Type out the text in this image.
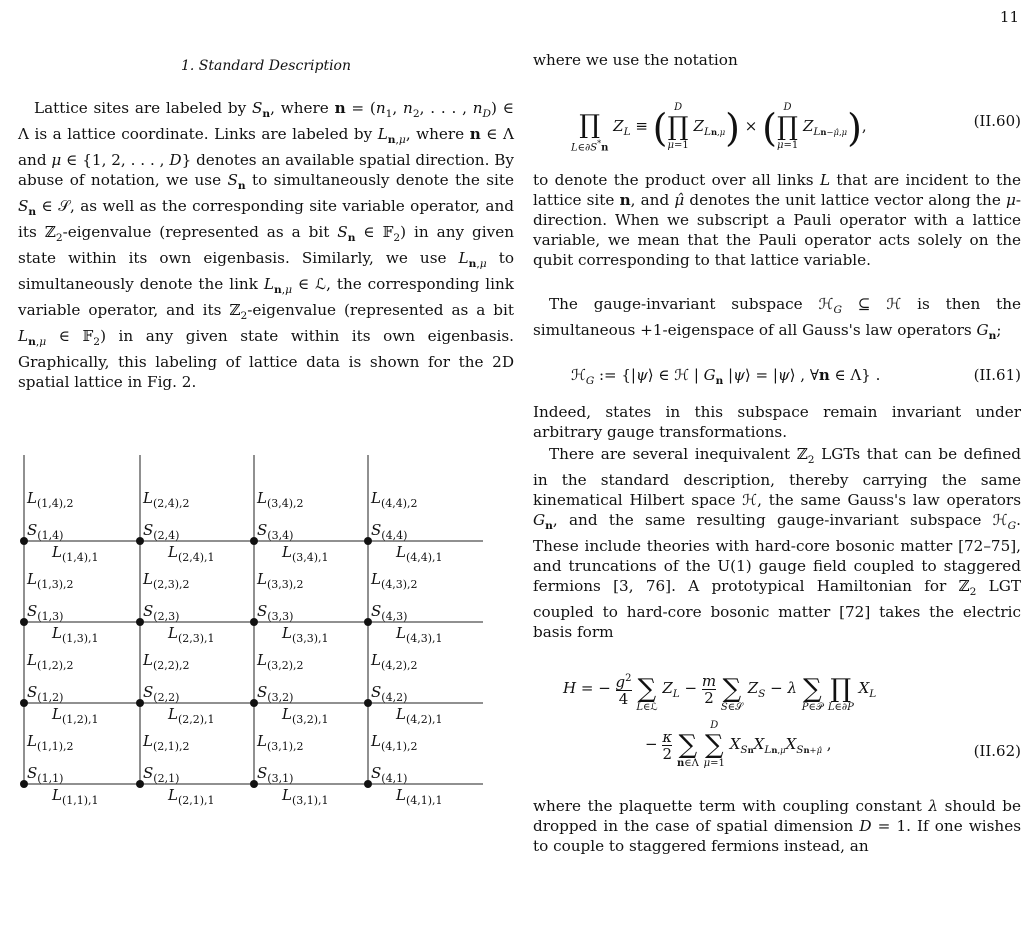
11
1. Standard Description

Lattice sites are labeled by $S_n$, where $n = (n_1$, $n_2$, . . . , $n_D$) ∈ Λ is a lattice coordinate. Links are labeled by $L_{n,\mu}$, where n ∈ Λ and μ ∈ {1, 2, . . . , D} denotes an available spatial direction. By abuse of notation, we use $S_n$ to simultaneously denote the site $S_n$ ∈ 𝒮, as well as the corresponding site variable operator, and its ℤ$_2$-eigenvalue (represented as a bit $S_n$ ∈ 𝔽$_2$) in any given state within its own eigenbasis. Similarly, we use $L_{n,\mu}$ to simultaneously denote the link $L_{n,\mu}$ ∈ ℒ, the corresponding link variable operator, and its ℤ$_2$-eigenvalue (represented as a bit $L_{n,\mu}$ ∈ 𝔽$_2$) in any given state within its own eigenbasis. Graphically, this labeling of lattice data is shown for the 2D spatial lattice in Fig. 2.

$L_{(1,4),2}$
$S_{(1,4)}$
$L_{(1,4),1}$
$L_{(2,4),2}$
$S_{(2,4)}$
$L_{(2,4),1}$
$L_{(3,4),2}$
$S_{(3,4)}$
$L_{(3,4),1}$
$L_{(4,4),2}$
$S_{(4,4)}$
$L_{(4,4),1}$
$L_{(1,3),2}$
$S_{(1,3)}$
$L_{(1,3),1}$
$L_{(2,3),2}$
$S_{(2,3)}$
$L_{(2,3),1}$
$L_{(3,3),2}$
$S_{(3,3)}$
$L_{(3,3),1}$
$L_{(4,3),2}$
$S_{(4,3)}$
$L_{(4,3),1}$
$L_{(1,2),2}$
$S_{(1,2)}$
$L_{(1,2),1}$
$L_{(2,2),2}$
$S_{(2,2)}$
$L_{(2,2),1}$
$L_{(3,2),2}$
$S_{(3,2)}$
$L_{(3,2),1}$
$L_{(4,2),2}$
$S_{(4,2)}$
$L_{(4,2),1}$
$L_{(1,1),2}$
$S_{(1,1)}$
$L_{(1,1),1}$
$L_{(2,1),2}$
$S_{(2,1)}$
$L_{(2,1),1}$
$L_{(3,1),2}$
$S_{(3,1)}$
$L_{(3,1),1}$
$L_{(4,1),2}$
$S_{(4,1)}$
$L_{(4,1),1}$

where we use the notation

∏
L∈∂S*n
$Z_L$ ≡ ( D
∏
μ=1
$Z_{Ln,\mu}$) × ( D
∏
μ=1
$Z_{Ln-\mû,\mu}$),	(II.60)

to denote the product over all links L that are incident to the lattice site n, and μ̂ denotes the unit lattice vector along the μ-direction. When we subscript a Pauli operator with a lattice variable, we mean that the Pauli operator acts solely on the qubit corresponding to that lattice variable.

The gauge-invariant subspace ℋ$_G$ ⊆ ℋ is then the simultaneous +1-eigenspace of all Gauss's law operators $G_n$;

ℋ$_G$ := {|ψ⟩ ∈ ℋ | $G_n$ |ψ⟩ = |ψ⟩ , ∀n ∈ Λ} .	(II.61)

Indeed, states in this subspace remain invariant under arbitrary gauge transformations.

There are several inequivalent ℤ$_2$ LGTs that can be defined in the standard description, thereby carrying the same kinematical Hilbert space ℋ, the same Gauss's law operators $G_n$, and the same resulting gauge-invariant subspace ℋ$_G$. These include theories with hard-core bosonic matter [72–75], and truncations of the U(1) gauge field coupled to staggered fermions [3, 76]. A prototypical Hamiltonian for ℤ$_2$ LGT coupled to hard-core bosonic matter [72] takes the electric basis form

H = − $\frac{g^2}{4}$

∑
L∈ℒ
$Z_L - \frac{m}{2}$

∑
S∈𝒮
$Z_S - \lambda$
∑
P∈𝒫

∏
L∈∂P
$X_L$
− $\frac{\kappa}{2}$

∑
n∈Λ

D
∑
μ=1
$X_{Sn}X_{Ln,\mu}X_{Sn+\mû}$ ,	(II.62)

where the plaquette term with coupling constant λ should be dropped in the case of spatial dimension D = 1. If one wishes to couple to staggered fermions instead, an
